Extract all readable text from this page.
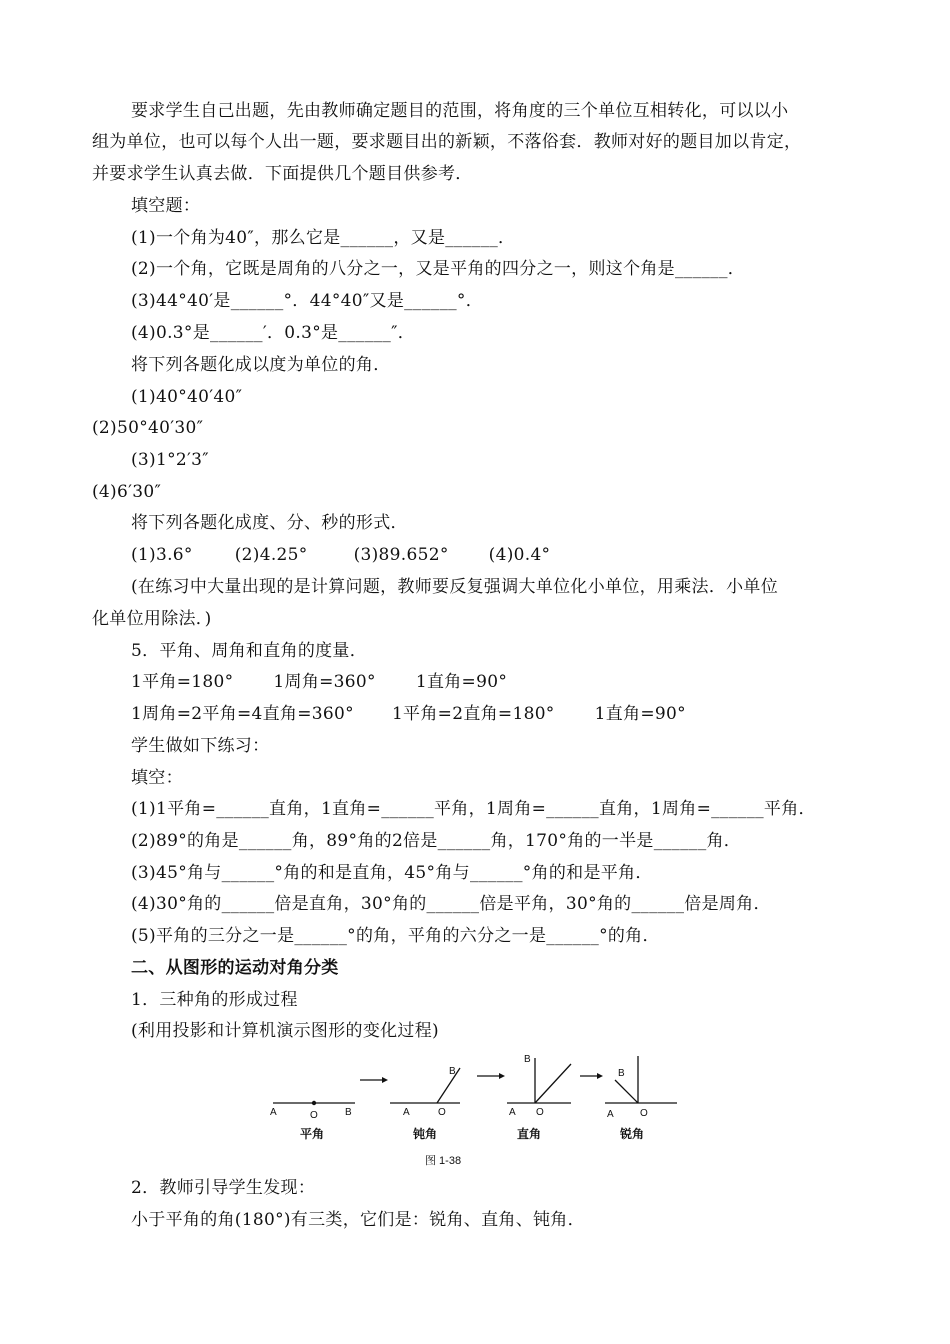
要求学生自己出题，先由教师确定题目的范围，将角度的三个单位互相转化，可以以小
组为单位，也可以每个人出一题，要求题目出的新颖，不落俗套．教师对好的题目加以肯定，
并要求学生认真去做．下面提供几个题目供参考．
填空题：
(1)一个角为40″，那么它是______，又是______．
(2)一个角，它既是周角的八分之一，又是平角的四分之一，则这个角是______．
(3)44°40′是______°．44°40″又是______°．
(4)0.3°是______′．0.3°是______″．
将下列各题化成以度为单位的角．
(1)40°40′40″
(2)50°40′30″
(3)1°2′3″
(4)6′30″
将下列各题化成度、分、秒的形式．
(1)3.6° (2)4.25°	(3)89.652° (4)0.4°
(在练习中大量出现的是计算问题，教师要反复强调大单位化小单位，用乘法．小单位
化单位用除法．)
5．平角、周角和直角的度量．
1平角=180° 1周角=360° 1直角=90°
1周角=2平角=4直角=360° 1平角=2直角=180° 1直角=90°
学生做如下练习：
填空：
(1)1平角=______直角，1直角=______平角，1周角=______直角，1周角=______平角．
(2)89°的角是______角，89°角的2倍是______角，170°角的一半是______角．
(3)45°角与______°角的和是直角，45°角与______°角的和是平角．
(4)30°角的______倍是直角，30°角的______倍是平角，30°角的______倍是周角．
(5)平角的三分之一是______°的角，平角的六分之一是______°的角．
二、从图形的运动对角分类
1．三种角的形成过程
(利用投影和计算机演示图形的变化过程)
A	O	B	A	O
B
A O
B
A	O
B
平角	钝角	直角	锐角
图 1-38
2．教师引导学生发现：
小于平角的角(180°)有三类，它们是：锐角、直角、钝角．
